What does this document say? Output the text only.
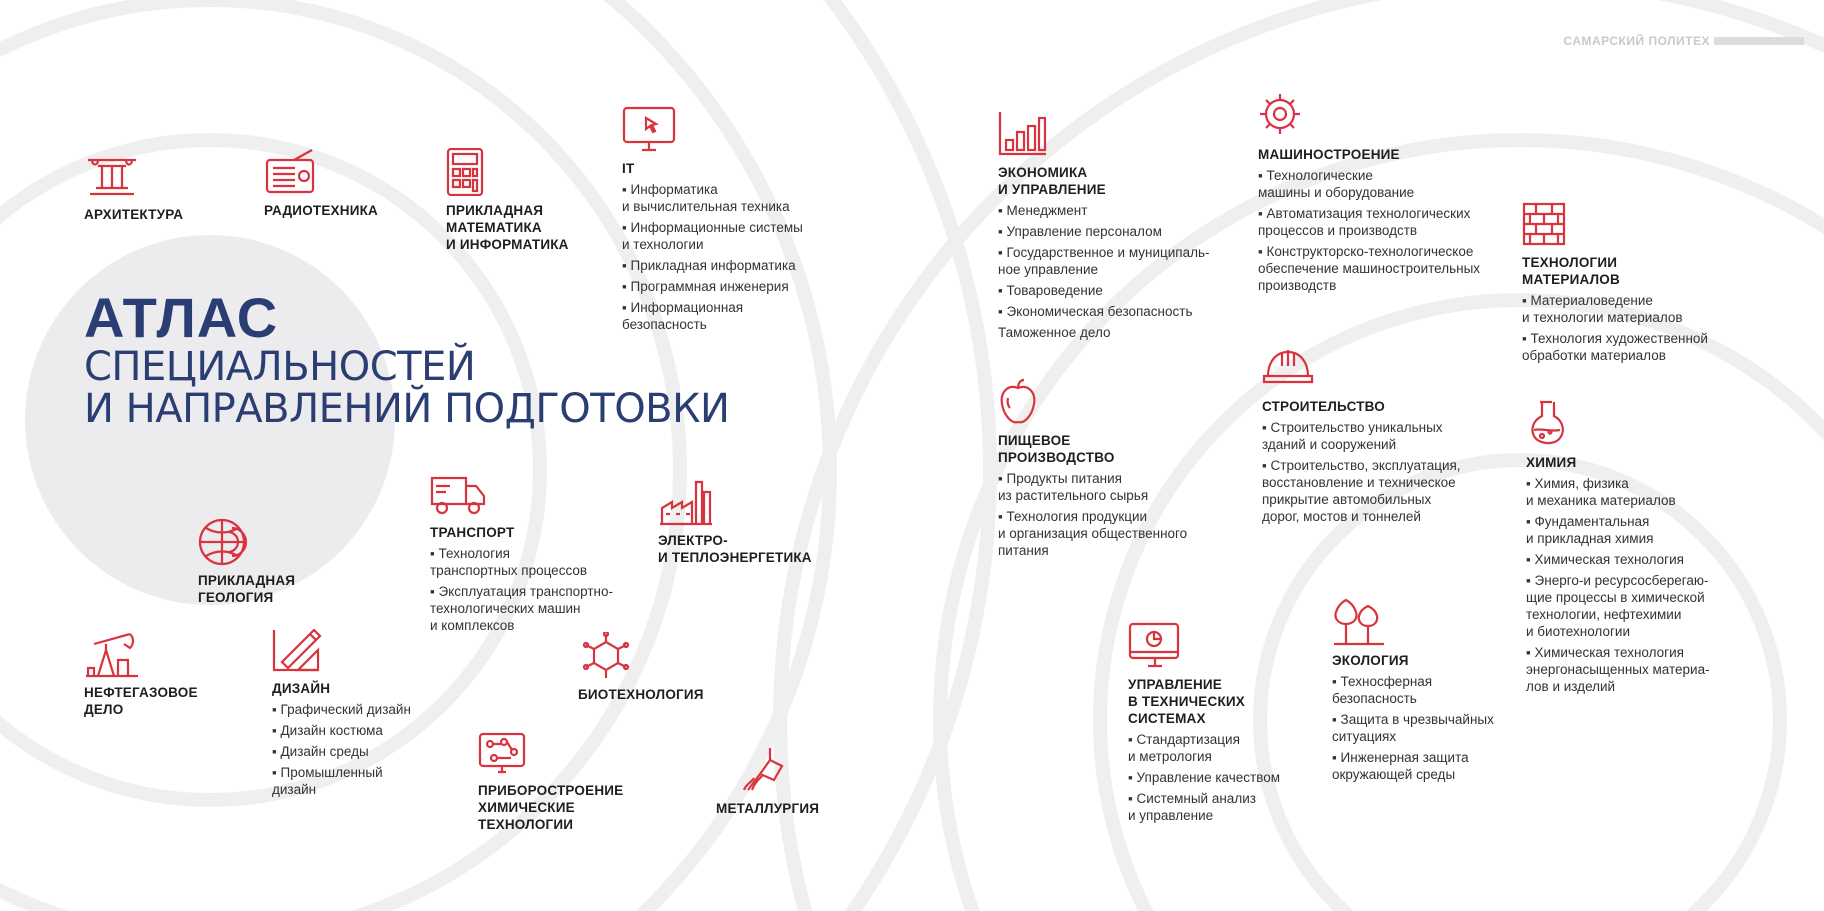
САМАРСКИЙ ПОЛИТЕХ
АТЛАС
СПЕЦИАЛЬНОСТЕЙ
И НАПРАВЛЕНИЙ ПОДГОТОВКИ
АРХИТЕКТУРА	РАДИОТЕХНИКА	ПРИКЛАДНАЯ
МАТЕМАТИКА
И ИНФОРМАТИКА
IT
▪ Информатика
и вычислительная техника
▪ Информационные системы
и технологии
▪ Прикладная информатика
▪ Программная инженерия
▪ Информационная
безопасность
ТРАНСПОРТ
▪ Технология
транспортных процессов
▪ Эксплуатация транспортно-
технологических машин
и комплексов
ЭЛЕКТРО-
И ТЕПЛОЭНЕРГЕТИКА
ПРИКЛАДНАЯ
ГЕОЛОГИЯ
НЕФТЕГАЗОВОЕ
ДЕЛО
ДИЗАЙН
▪ Графический дизайн
▪ Дизайн костюма
▪ Дизайн среды
▪ Промышленный
дизайн
БИОТЕХНОЛОГИЯ
ПРИБОРОСТРОЕНИЕ
ХИМИЧЕСКИЕ
ТЕХНОЛОГИИ
МЕТАЛЛУРГИЯ
ЭКОНОМИКА
И УПРАВЛЕНИЕ
▪ Менеджмент
▪ Управление персоналом
▪ Государственное и муниципаль-
ное управление
▪ Товароведение
▪ Экономическая безопасность
Таможенное дело
МАШИНОСТРОЕНИЕ
▪ Технологические
машины и оборудование
▪ Автоматизация технологических
процессов и производств
▪ Конструкторско-технологическое
обеспечение машиностроительных
производств
ТЕХНОЛОГИИ
МАТЕРИАЛОВ
▪ Материаловедение
и технологии материалов
▪ Технология художественной
обработки материалов
ПИЩЕВОЕ
ПРОИЗВОДСТВО
▪ Продукты питания
из растительного сырья
▪ Технология продукции
и организация общественного
питания
СТРОИТЕЛЬСТВО
▪ Строительство уникальных
зданий и сооружений
▪ Строительство, эксплуатация,
восстановление и техническое
прикрытие автомобильных
дорог, мостов и тоннелей
ХИМИЯ
▪ Химия, физика
и механика материалов
▪ Фундаментальная
и прикладная химия
▪ Химическая технология
▪ Энерго-и ресурсосберегаю-
щие процессы в химической
технологии, нефтехимии
и биотехнологии
▪ Химическая технология
энергонасыщенных материа-
лов и изделий
УПРАВЛЕНИЕ
В ТЕХНИЧЕСКИХ
СИСТЕМАХ
▪ Стандартизация
и метрология
▪ Управление качеством
▪ Системный анализ
и управление
ЭКОЛОГИЯ
▪ Техносферная
безопасность
▪ Защита в чрезвычайных
ситуациях
▪ Инженерная защита
окружающей среды
